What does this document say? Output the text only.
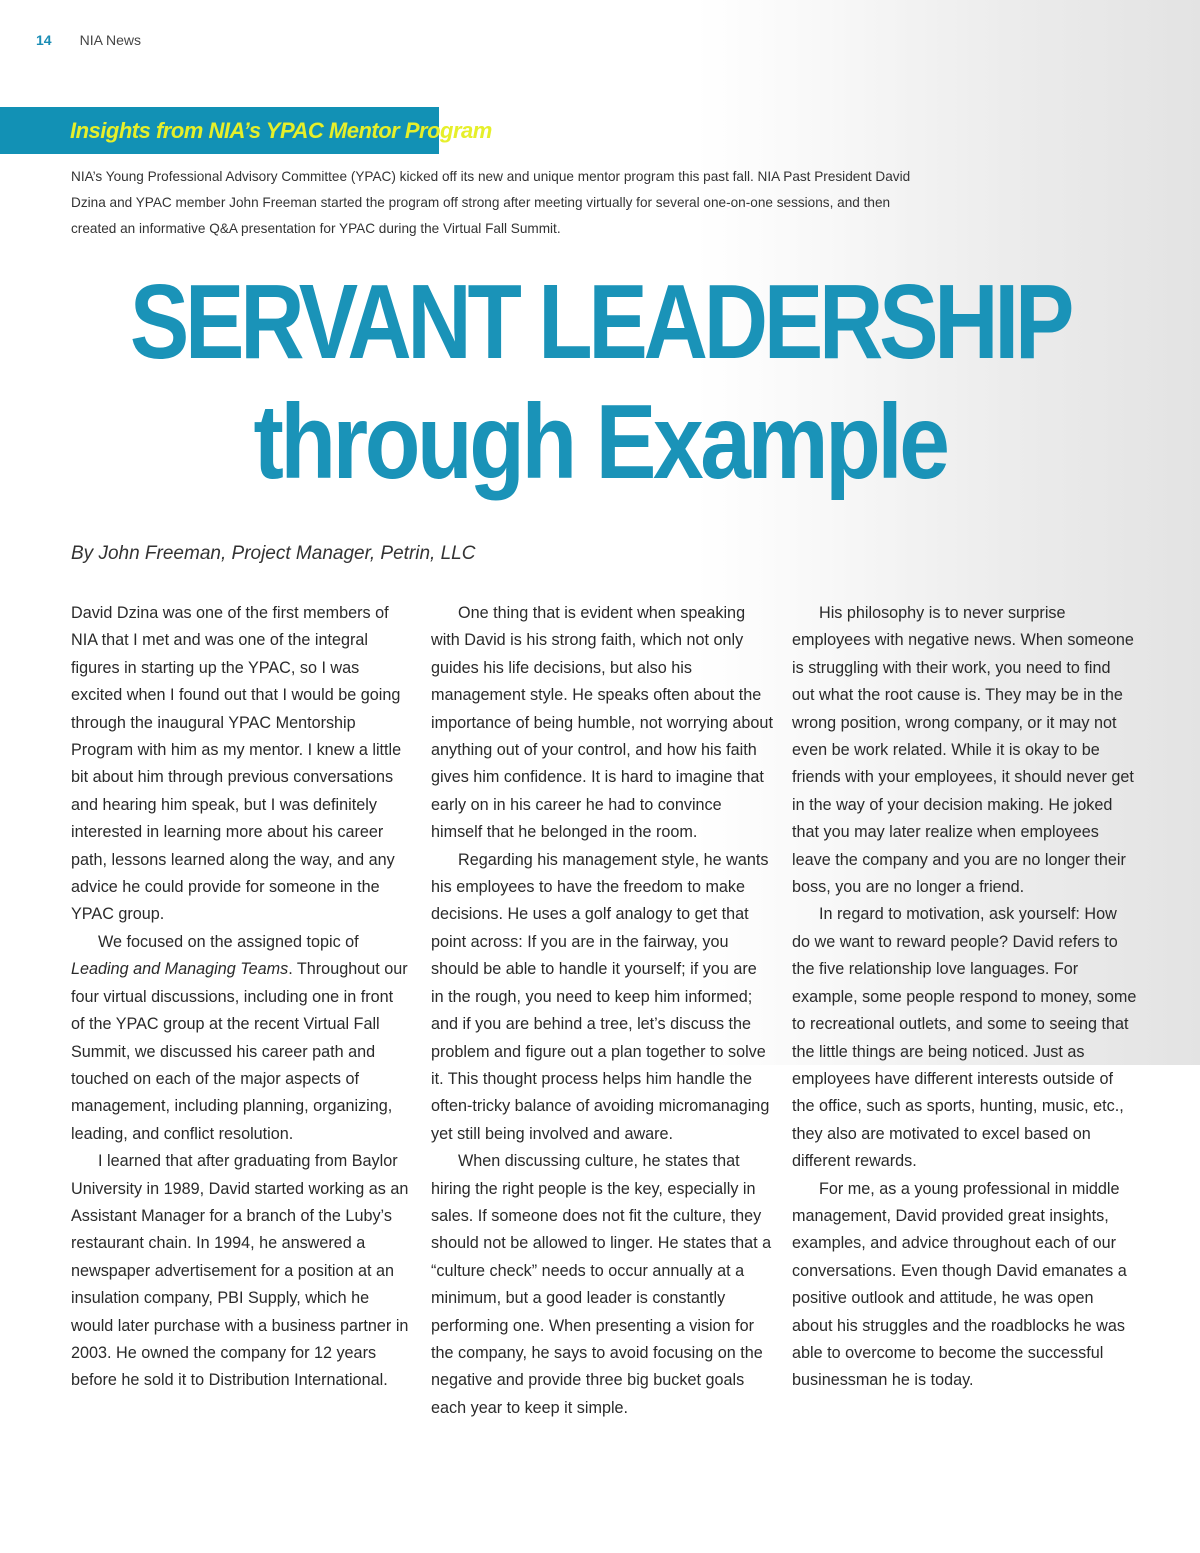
14 NIA News
Insights from NIA’s YPAC Mentor Program

NIA’s Young Professional Advisory Committee (YPAC) kicked off its new and unique mentor program this past fall. NIA Past President David Dzina and YPAC member John Freeman started the program off strong after meeting virtually for several one-on-one sessions, and then created an informative Q&A presentation for YPAC during the Virtual Fall Summit.

SERVANT LEADERSHIP
through Example
By John Freeman, Project Manager, Petrin, LLC

David Dzina was one of the first members of NIA that I met and was one of the integral figures in starting up the YPAC, so I was excited when I found out that I would be going through the inaugural YPAC Mentorship Program with him as my mentor. I knew a little bit about him through previous conversations and hearing him speak, but I was definitely interested in learning more about his career path, lessons learned along the way, and any advice he could provide for someone in the YPAC group.

We focused on the assigned topic of Leading and Managing Teams. Throughout our four virtual discussions, including one in front of the YPAC group at the recent Virtual Fall Summit, we discussed his career path and touched on each of the major aspects of management, including planning, organizing, leading, and conflict resolution.

I learned that after graduating from Baylor University in 1989, David started working as an Assistant Manager for a branch of the Luby’s restaurant chain. In 1994, he answered a newspaper advertisement for a position at an insulation company, PBI Supply, which he would later purchase with a business partner in 2003. He owned the company for 12 years before he sold it to Distribution International.

One thing that is evident when speaking with David is his strong faith, which not only guides his life decisions, but also his management style. He speaks often about the importance of being humble, not worrying about anything out of your control, and how his faith gives him confidence. It is hard to imagine that early on in his career he had to convince himself that he belonged in the room.

Regarding his management style, he wants his employees to have the freedom to make decisions. He uses a golf analogy to get that point across: If you are in the fairway, you should be able to handle it yourself; if you are in the rough, you need to keep him informed; and if you are behind a tree, let’s discuss the problem and figure out a plan together to solve it. This thought process helps him handle the often-tricky balance of avoiding micromanaging yet still being involved and aware.

When discussing culture, he states that hiring the right people is the key, especially in sales. If someone does not fit the culture, they should not be allowed to linger. He states that a “culture check” needs to occur annually at a minimum, but a good leader is constantly performing one. When presenting a vision for the company, he says to avoid focusing on the negative and provide three big bucket goals each year to keep it simple.

His philosophy is to never surprise employees with negative news. When someone is struggling with their work, you need to find out what the root cause is. They may be in the wrong position, wrong company, or it may not even be work related. While it is okay to be friends with your employees, it should never get in the way of your decision making. He joked that you may later realize when employees leave the company and you are no longer their boss, you are no longer a friend.

In regard to motivation, ask yourself: How do we want to reward people? David refers to the five relationship love languages. For example, some people respond to money, some to recreational outlets, and some to seeing that the little things are being noticed. Just as employees have different interests outside of the office, such as sports, hunting, music, etc., they also are motivated to excel based on different rewards.

For me, as a young professional in middle management, David provided great insights, examples, and advice throughout each of our conversations. Even though David emanates a positive outlook and attitude, he was open about his struggles and the roadblocks he was able to overcome to become the successful businessman he is today.
